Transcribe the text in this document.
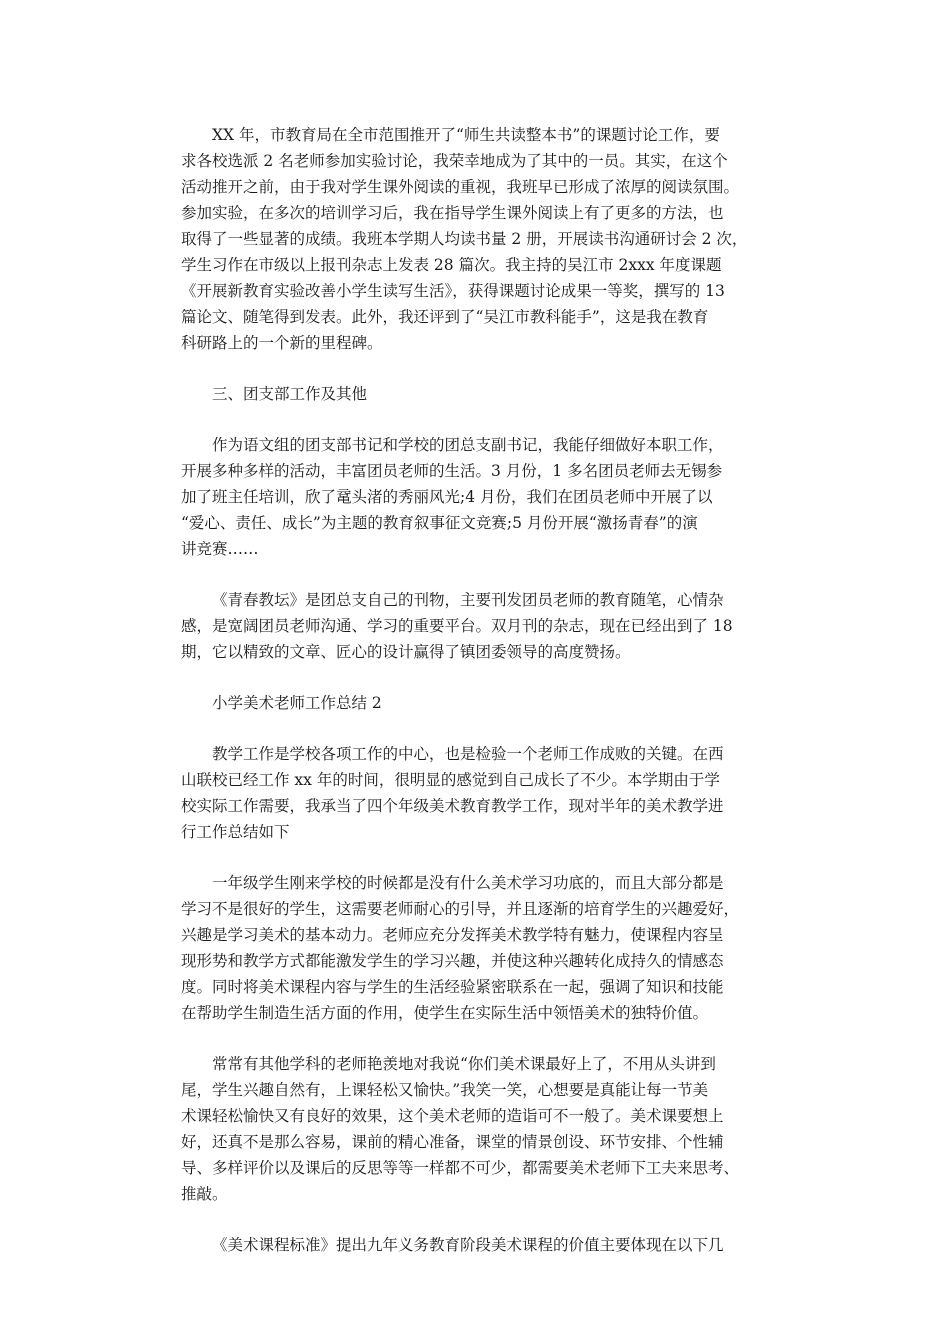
XX 年，市教育局在全市范围推开了“师生共读整本书”的课题讨论工作，要
求各校选派 2 名老师参加实验讨论，我荣幸地成为了其中的一员。其实，在这个
活动推开之前，由于我对学生课外阅读的重视，我班早已形成了浓厚的阅读氛围。
参加实验，在多次的培训学习后，我在指导学生课外阅读上有了更多的方法，也
取得了一些显著的成绩。我班本学期人均读书量 2 册，开展读书沟通研讨会 2 次，
学生习作在市级以上报刊杂志上发表 28 篇次。我主持的吴江市 2xxx 年度课题
《开展新教育实验改善小学生读写生活》，获得课题讨论成果一等奖，撰写的 13
篇论文、随笔得到发表。此外，我还评到了“吴江市教科能手”，这是我在教育
科研路上的一个新的里程碑。
三、团支部工作及其他
作为语文组的团支部书记和学校的团总支副书记，我能仔细做好本职工作，
开展多种多样的活动，丰富团员老师的生活。3 月份，1 多名团员老师去无锡参
加了班主任培训，欣了鼋头渚的秀丽风光;4 月份，我们在团员老师中开展了以
“爱心、责任、成长”为主题的教育叙事征文竞赛;5 月份开展“激扬青春”的演
讲竞赛……
《青春教坛》是团总支自己的刊物，主要刊发团员老师的教育随笔，心情杂
感，是宽阔团员老师沟通、学习的重要平台。双月刊的杂志，现在已经出到了 18
期，它以精致的文章、匠心的设计赢得了镇团委领导的高度赞扬。
小学美术老师工作总结 2
教学工作是学校各项工作的中心，也是检验一个老师工作成败的关键。在西
山联校已经工作 xx 年的时间，很明显的感觉到自己成长了不少。本学期由于学
校实际工作需要，我承当了四个年级美术教育教学工作，现对半年的美术教学进
行工作总结如下
一年级学生刚来学校的时候都是没有什么美术学习功底的，而且大部分都是
学习不是很好的学生，这需要老师耐心的引导，并且逐渐的培育学生的兴趣爱好，
兴趣是学习美术的基本动力。老师应充分发挥美术教学特有魅力，使课程内容呈
现形势和教学方式都能激发学生的学习兴趣，并使这种兴趣转化成持久的情感态
度。同时将美术课程内容与学生的生活经验紧密联系在一起，强调了知识和技能
在帮助学生制造生活方面的作用，使学生在实际生活中领悟美术的独特价值。
常常有其他学科的老师艳羡地对我说“你们美术课最好上了，不用从头讲到
尾，学生兴趣自然有，上课轻松又愉快。”我笑一笑，心想要是真能让每一节美
术课轻松愉快又有良好的效果，这个美术老师的造诣可不一般了。美术课要想上
好，还真不是那么容易，课前的精心准备，课堂的情景创设、环节安排、个性辅
导、多样评价以及课后的反思等等一样都不可少，都需要美术老师下工夫来思考、
推敲。
《美术课程标准》提出九年义务教育阶段美术课程的价值主要体现在以下几
